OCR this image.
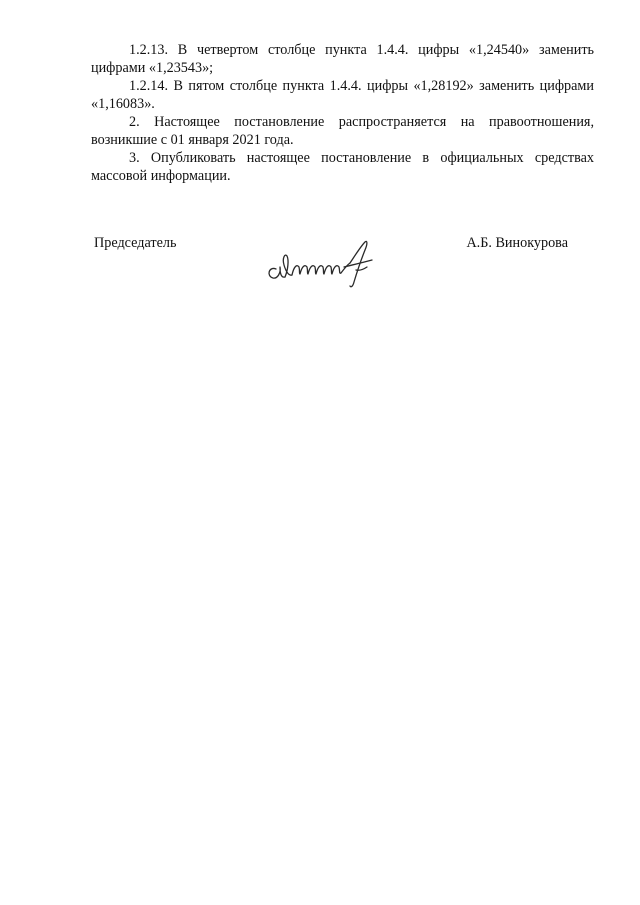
1.2.13. В четвертом столбце пункта 1.4.4. цифры «1,24540» заменить цифрами «1,23543»;

1.2.14. В пятом столбце пункта 1.4.4. цифры «1,28192» заменить цифрами «1,16083».

2. Настоящее постановление распространяется на правоотношения, возникшие с 01 января 2021 года.

3. Опубликовать настоящее постановление в официальных средствах массовой информации.

Председатель	А.Б. Винокурова
